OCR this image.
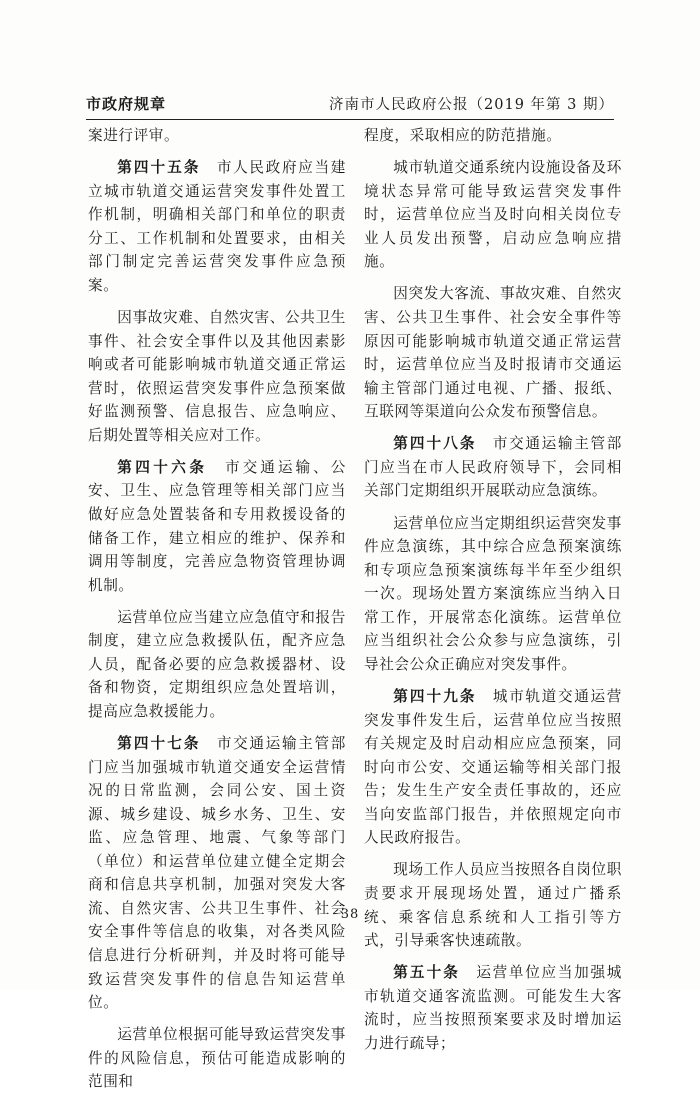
市政府规章	济南市人民政府公报（2019 年第 3 期）

案进行评审。

第四十五条　市人民政府应当建立城市轨道交通运营突发事件处置工作机制，明确相关部门和单位的职责分工、工作机制和处置要求，由相关部门制定完善运营突发事件应急预案。

因事故灾难、自然灾害、公共卫生事件、社会安全事件以及其他因素影响或者可能影响城市轨道交通正常运营时，依照运营突发事件应急预案做好监测预警、信息报告、应急响应、后期处置等相关应对工作。

第四十六条　市交通运输、公安、卫生、应急管理等相关部门应当做好应急处置装备和专用救援设备的储备工作，建立相应的维护、保养和调用等制度，完善应急物资管理协调机制。

运营单位应当建立应急值守和报告制度，建立应急救援队伍，配齐应急人员，配备必要的应急救援器材、设备和物资，定期组织应急处置培训，提高应急救援能力。

第四十七条　市交通运输主管部门应当加强城市轨道交通安全运营情况的日常监测，会同公安、国土资源、城乡建设、城乡水务、卫生、安监、应急管理、地震、气象等部门（单位）和运营单位建立健全定期会商和信息共享机制，加强对突发大客流、自然灾害、公共卫生事件、社会安全事件等信息的收集，对各类风险信息进行分析研判，并及时将可能导致运营突发事件的信息告知运营单位。

运营单位根据可能导致运营突发事件的风险信息，预估可能造成影响的范围和

程度，采取相应的防范措施。

城市轨道交通系统内设施设备及环境状态异常可能导致运营突发事件时，运营单位应当及时向相关岗位专业人员发出预警，启动应急响应措施。

因突发大客流、事故灾难、自然灾害、公共卫生事件、社会安全事件等原因可能影响城市轨道交通正常运营时，运营单位应当及时报请市交通运输主管部门通过电视、广播、报纸、互联网等渠道向公众发布预警信息。

第四十八条　市交通运输主管部门应当在市人民政府领导下，会同相关部门定期组织开展联动应急演练。

运营单位应当定期组织运营突发事件应急演练，其中综合应急预案演练和专项应急预案演练每半年至少组织一次。现场处置方案演练应当纳入日常工作，开展常态化演练。运营单位应当组织社会公众参与应急演练，引导社会公众正确应对突发事件。

第四十九条　城市轨道交通运营突发事件发生后，运营单位应当按照有关规定及时启动相应应急预案，同时向市公安、交通运输等相关部门报告；发生生产安全责任事故的，还应当向安监部门报告，并依照规定向市人民政府报告。

现场工作人员应当按照各自岗位职责要求开展现场处置，通过广播系统、乘客信息系统和人工指引等方式，引导乘客快速疏散。

第五十条　运营单位应当加强城市轨道交通客流监测。可能发生大客流时，应当按照预案要求及时增加运力进行疏导；

38
